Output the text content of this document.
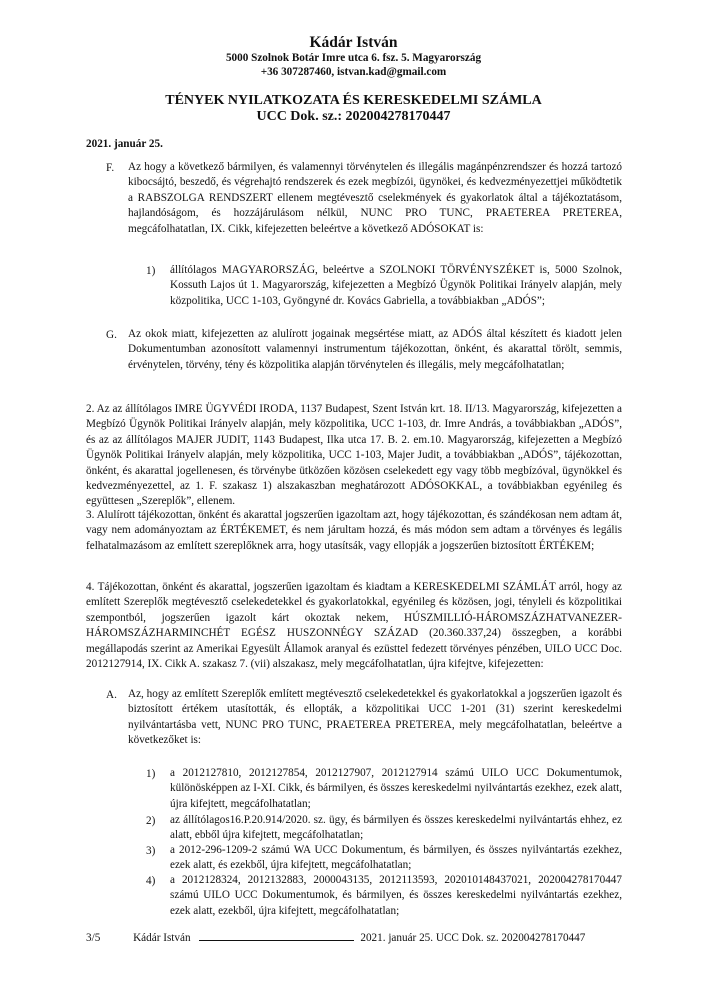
Kádár István
5000 Szolnok Botár Imre utca 6. fsz. 5. Magyarország
+36 307287460, istvan.kad@gmail.com
TÉNYEK NYILATKOZATA ÉS KERESKEDELMI SZÁMLA
UCC Dok. sz.: 202004278170447
2021. január 25.
F. Az hogy a következő bármilyen, és valamennyi törvénytelen és illegális magánpénzrendszer és hozzá tartozó kibocsájtó, beszedő, és végrehajtó rendszerek és ezek megbízói, ügynökei, és kedvezményezettjei működtetik a RABSZOLGA RENDSZERT ellenem megtévesztő cselekmények és gyakorlatok által a tájékoztatásom, hajlandóságom, és hozzájárulásom nélkül, NUNC PRO TUNC, PRAETEREA PRETEREA, megcáfolhatatlan, IX. Cikk, kifejezetten beleértve a következő ADÓSOKAT is:
1) állítólagos MAGYARORSZÁG, beleértve a SZOLNOKI TÖRVÉNYSZÉKET is, 5000 Szolnok, Kossuth Lajos út 1. Magyarország, kifejezetten a Megbízó Ügynök Politikai Irányelv alapján, mely közpolitika, UCC 1-103, Gyöngyné dr. Kovács Gabriella, a továbbiakban „ADÓS”;
G. Az okok miatt, kifejezetten az alulírott jogainak megsértése miatt, az ADÓS által készített és kiadott jelen Dokumentumban azonosított valamennyi instrumentum tájékozottan, önként, és akarattal törölt, semmis, érvénytelen, törvény, tény és közpolitika alapján törvénytelen és illegális, mely megcáfolhatatlan;
2. Az az állítólagos IMRE ÜGYVÉDI IRODA, 1137 Budapest, Szent István krt. 18. II/13. Magyarország, kifejezetten a Megbízó Ügynök Politikai Irányelv alapján, mely közpolitika, UCC 1-103, dr. Imre András, a továbbiakban „ADÓS”, és az az állítólagos MAJER JUDIT, 1143 Budapest, Ilka utca 17. B. 2. em.10. Magyarország, kifejezetten a Megbízó Ügynök Politikai Irányelv alapján, mely közpolitika, UCC 1-103, Majer Judit, a továbbiakban „ADÓS”, tájékozottan, önként, és akarattal jogellenesen, és törvénybe ütközően közösen cselekedett egy vagy több megbízóval, ügynökkel és kedvezményezettel, az 1. F. szakasz 1) alszakaszban meghatározott ADÓSOKKAL, a továbbiakban egyénileg és együttesen „Szereplők”, ellenem.
3. Alulírott tájékozottan, önként és akarattal jogszerűen igazoltam azt, hogy tájékozottan, és szándékosan nem adtam át, vagy nem adományoztam az ÉRTÉKEMET, és nem járultam hozzá, és más módon sem adtam a törvényes és legális felhatalmazásom az említett szereplőknek arra, hogy utasítsák, vagy ellopják a jogszerűen biztosított ÉRTÉKEM;
4. Tájékozottan, önként és akarattal, jogszerűen igazoltam és kiadtam a KERESKEDELMI SZÁMLÁT arról, hogy az említett Szereplők megtévesztő cselekedetekkel és gyakorlatokkal, egyénileg és közösen, jogi, tényleli és közpolitikai szempontból, jogszerűen igazolt kárt okoztak nekem, HÚSZMILLIÓ-HÁROMSZÁZHATVANEZER-HÁROMSZÁZHARMINCHÉT EGÉSZ HUSZONNÉGY SZÁZAD (20.360.337,24) összegben, a korábbi megállapodás szerint az Amerikai Egyesült Államok aranyal és ezüsttel fedezett törvényes pénzében, UILO UCC Doc. 2012127914, IX. Cikk A. szakasz 7. (vii) alszakasz, mely megcáfolhatatlan, újra kifejtve, kifejezetten:
A. Az, hogy az említett Szereplők említett megtévesztő cselekedetekkel és gyakorlatokkal a jogszerűen igazolt és biztosított értékem utasították, és ellopták, a közpolitikai UCC 1-201 (31) szerint kereskedelmi nyilvántartásba vett, NUNC PRO TUNC, PRAETEREA PRETEREA, mely megcáfolhatatlan, beleértve a következőket is:
1) a 2012127810, 2012127854, 2012127907, 2012127914 számú UILO UCC Dokumentumok, különösképpen az I-XI. Cikk, és bármilyen, és összes kereskedelmi nyilvántartás ezekhez, ezek alatt, újra kifejtett, megcáfolhatatlan;
2) az állítólagos16.P.20.914/2020. sz. ügy, és bármilyen és összes kereskedelmi nyilvántartás ehhez, ez alatt, ebből újra kifejtett, megcáfolhatatlan;
3) a 2012-296-1209-2 számú WA UCC Dokumentum, és bármilyen, és összes nyilvántartás ezekhez, ezek alatt, és ezekből, újra kifejtett, megcáfolhatatlan;
4) a 2012128324, 2012132883, 2000043135, 2012113593, 202010148437021, 202004278170447 számú UILO UCC Dokumentumok, és bármilyen, és összes kereskedelmi nyilvántartás ezekhez, ezek alatt, ezekből, újra kifejtett, megcáfolhatatlan;
3/5	Kádár István	2021. január 25. UCC Dok. sz. 202004278170447
